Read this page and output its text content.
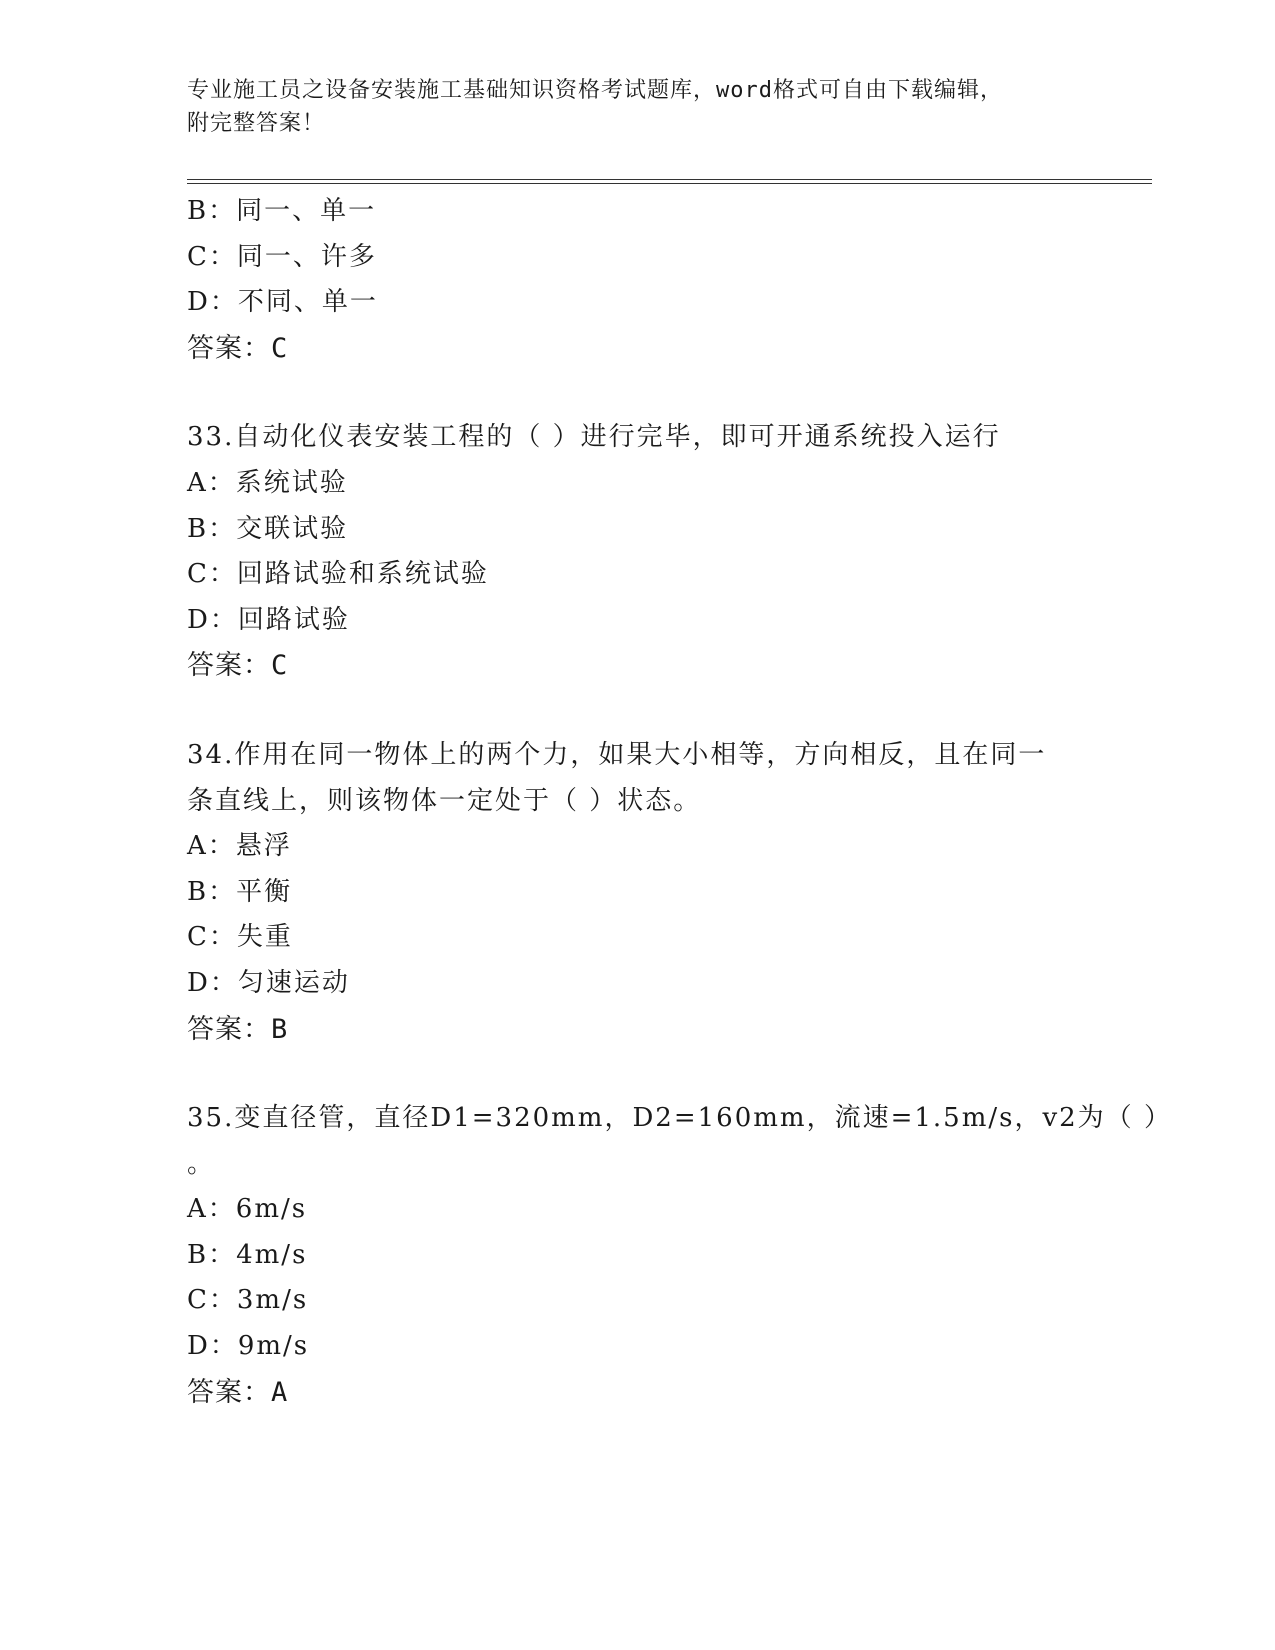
专业施工员之设备安装施工基础知识资格考试题库，word格式可自由下载编辑，
附完整答案！
B：同一、单一
C：同一、许多
D：不同、单一
答案：C
33.自动化仪表安装工程的（ ）进行完毕，即可开通系统投入运行
A：系统试验
B：交联试验
C：回路试验和系统试验
D：回路试验
答案：C
34.作用在同一物体上的两个力，如果大小相等，方向相反，且在同一
条直线上，则该物体一定处于（ ）状态。
A：悬浮
B：平衡
C：失重
D：匀速运动
答案：B
35.变直径管，直径D1=320mm，D2=160mm，流速=1.5m/s，v2为（ ）
。
A：6m/s
B：4m/s
C：3m/s
D：9m/s
答案：A
